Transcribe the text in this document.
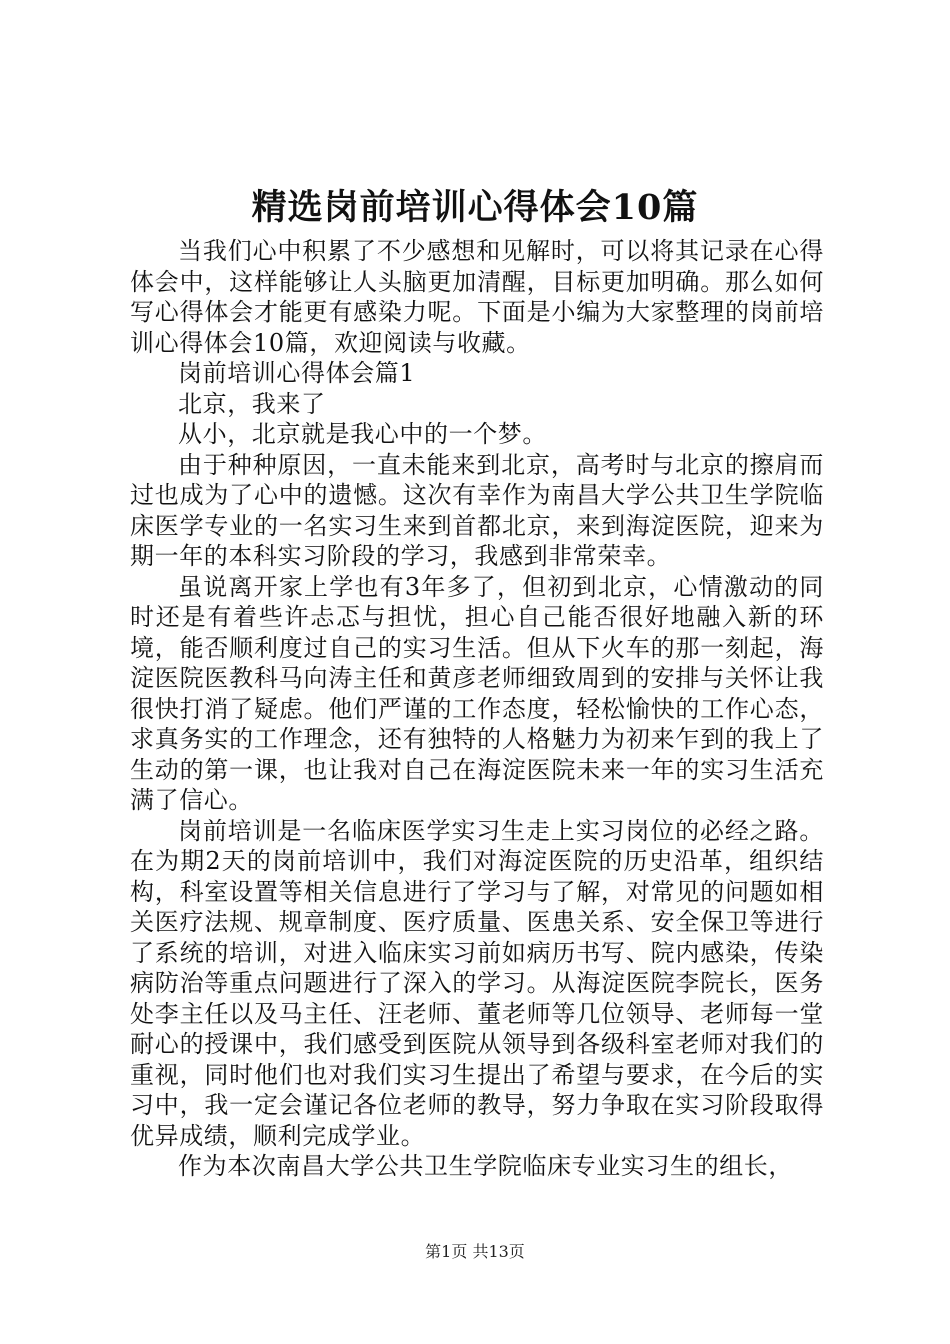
精选岗前培训心得体会10篇

当我们心中积累了不少感想和见解时，可以将其记录在心得体会中，这样能够让人头脑更加清醒，目标更加明确。那么如何写心得体会才能更有感染力呢。下面是小编为大家整理的岗前培训心得体会10篇，欢迎阅读与收藏。

岗前培训心得体会篇1

北京，我来了

从小，北京就是我心中的一个梦。

由于种种原因，一直未能来到北京，高考时与北京的擦肩而过也成为了心中的遗憾。这次有幸作为南昌大学公共卫生学院临床医学专业的一名实习生来到首都北京，来到海淀医院，迎来为期一年的本科实习阶段的学习，我感到非常荣幸。

虽说离开家上学也有3年多了，但初到北京，心情激动的同时还是有着些许忐忑与担忧，担心自己能否很好地融入新的环境，能否顺利度过自己的实习生活。但从下火车的那一刻起，海淀医院医教科马向涛主任和黄彦老师细致周到的安排与关怀让我很快打消了疑虑。他们严谨的工作态度，轻松愉快的工作心态，求真务实的工作理念，还有独特的人格魅力为初来乍到的我上了生动的第一课，也让我对自己在海淀医院未来一年的实习生活充满了信心。

岗前培训是一名临床医学实习生走上实习岗位的必经之路。在为期2天的岗前培训中，我们对海淀医院的历史沿革，组织结构，科室设置等相关信息进行了学习与了解，对常见的问题如相关医疗法规、规章制度、医疗质量、医患关系、安全保卫等进行了系统的培训，对进入临床实习前如病历书写、院内感染，传染病防治等重点问题进行了深入的学习。从海淀医院李院长，医务处李主任以及马主任、汪老师、董老师等几位领导、老师每一堂耐心的授课中，我们感受到医院从领导到各级科室老师对我们的重视，同时他们也对我们实习生提出了希望与要求，在今后的实习中，我一定会谨记各位老师的教导，努力争取在实习阶段取得优异成绩，顺利完成学业。

作为本次南昌大学公共卫生学院临床专业实习生的组长，

第1页 共13页
